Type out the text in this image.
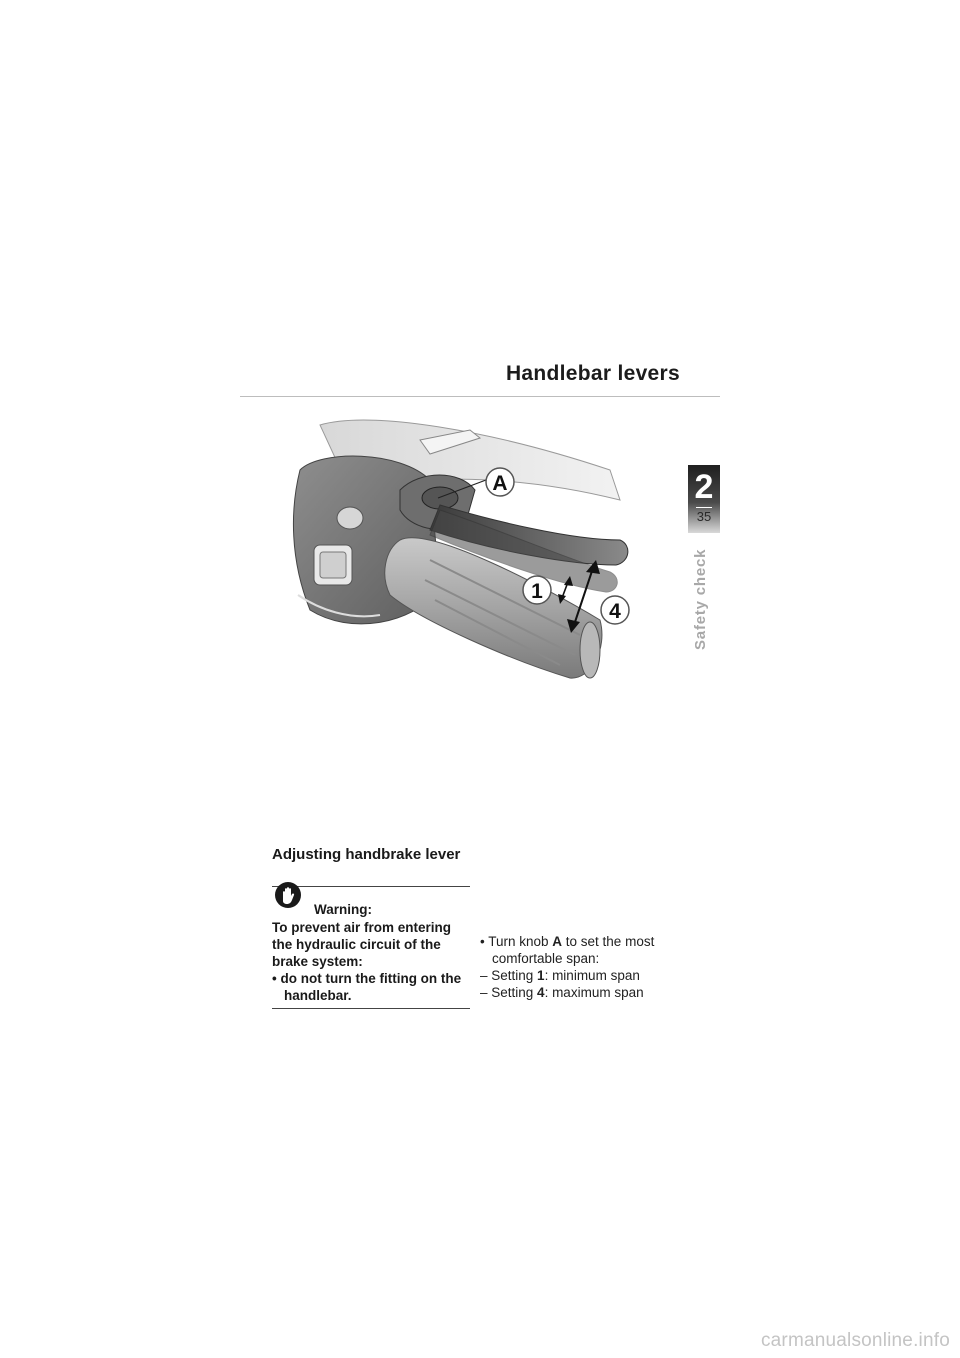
Handlebar levers
A
1
4
2
35
Safety check
Adjusting handbrake lever
Warning:
To prevent air from entering the hydraulic circuit of the brake system:
• do not turn the fitting on the handlebar.
• Turn knob A to set the most comfortable span:
– Setting 1: minimum span
– Setting 4: maximum span
carmanualsonline.info
